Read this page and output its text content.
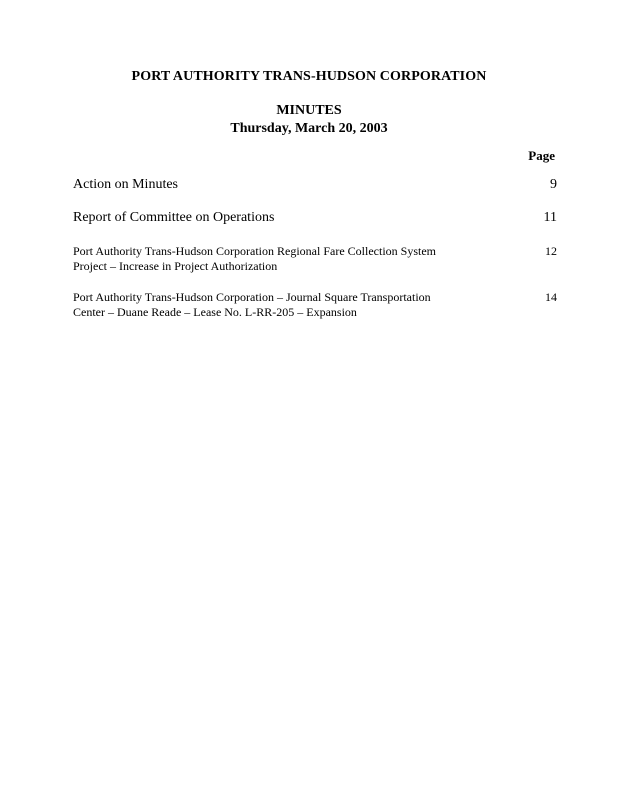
PORT AUTHORITY TRANS-HUDSON CORPORATION
MINUTES
Thursday, March 20, 2003
Page
Action on Minutes	9
Report of Committee on Operations	11
Port Authority Trans-Hudson Corporation Regional Fare Collection System
Project – Increase in Project Authorization
12
Port Authority Trans-Hudson Corporation – Journal Square Transportation
Center – Duane Reade – Lease No. L-RR-205 – Expansion
14
